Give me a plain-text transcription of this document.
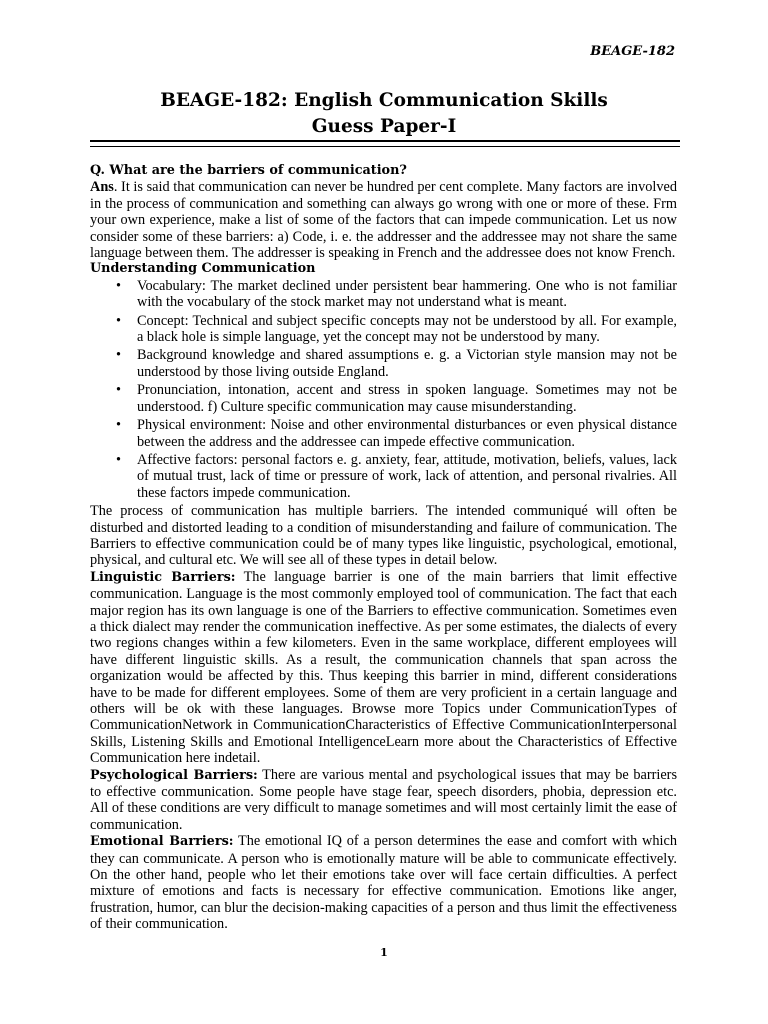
BEAGE-182
BEAGE-182: English Communication Skills
Guess Paper-I

Q. What are the barriers of communication?

Ans. It is said that communication can never be hundred per cent complete. Many factors are involved in the process of communication and something can always go wrong with one or more of these. Frm your own experience, make a list of some of the factors that can impede communication. Let us now consider some of these barriers: a) Code, i. e. the addresser and the addressee may not share the same language between them. The addresser is speaking in French and the addressee does not know French.

Understanding Communication

• Vocabulary: The market declined under persistent bear hammering. One who is not familiar with the vocabulary of the stock market may not understand what is meant.
• Concept: Technical and subject specific concepts may not be understood by all. For example, a black hole is simple language, yet the concept may not be understood by many.
• Background knowledge and shared assumptions e. g. a Victorian style mansion may not be understood by those living outside England.
• Pronunciation, intonation, accent and stress in spoken language. Sometimes may not be understood. f) Culture specific communication may cause misunderstanding.
• Physical environment: Noise and other environmental disturbances or even physical distance between the address and the addressee can impede effective communication.
• Affective factors: personal factors e. g. anxiety, fear, attitude, motivation, beliefs, values, lack of mutual trust, lack of time or pressure of work, lack of attention, and personal rivalries. All these factors impede communication.

The process of communication has multiple barriers. The intended communiqué will often be disturbed and distorted leading to a condition of misunderstanding and failure of communication. The Barriers to effective communication could be of many types like linguistic, psychological, emotional, physical, and cultural etc. We will see all of these types in detail below.

Linguistic Barriers: The language barrier is one of the main barriers that limit effective communication. Language is the most commonly employed tool of communication. The fact that each major region has its own language is one of the Barriers to effective communication. Sometimes even a thick dialect may render the communication ineffective. As per some estimates, the dialects of every two regions changes within a few kilometers. Even in the same workplace, different employees will have different linguistic skills. As a result, the communication channels that span across the organization would be affected by this. Thus keeping this barrier in mind, different considerations have to be made for different employees. Some of them are very proficient in a certain language and others will be ok with these languages. Browse more Topics under CommunicationTypes of CommunicationNetwork in CommunicationCharacteristics of Effective CommunicationInterpersonal Skills, Listening Skills and Emotional IntelligenceLearn more about the Characteristics of Effective Communication here indetail.

Psychological Barriers: There are various mental and psychological issues that may be barriers to effective communication. Some people have stage fear, speech disorders, phobia, depression etc. All of these conditions are very difficult to manage sometimes and will most certainly limit the ease of communication.

Emotional Barriers: The emotional IQ of a person determines the ease and comfort with which they can communicate. A person who is emotionally mature will be able to communicate effectively. On the other hand, people who let their emotions take over will face certain difficulties. A perfect mixture of emotions and facts is necessary for effective communication. Emotions like anger, frustration, humor, can blur the decision-making capacities of a person and thus limit the effectiveness of their communication.

1
